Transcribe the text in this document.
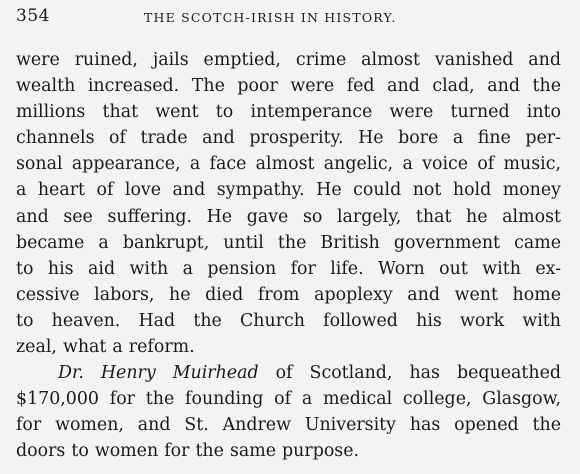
354	THE SCOTCH-IRISH IN HISTORY.
were ruined, jails emptied, crime almost vanished and
wealth increased. The poor were fed and clad, and the
millions that went to intemperance were turned into
channels of trade and prosperity. He bore a fine per-
sonal appearance, a face almost angelic, a voice of music,
a heart of love and sympathy. He could not hold money
and see suffering. He gave so largely, that he almost
became a bankrupt, until the British government came
to his aid with a pension for life. Worn out with ex-
cessive labors, he died from apoplexy and went home
to heaven. Had the Church followed his work with
zeal, what a reform.
Dr. Henry Muirhead of Scotland, has bequeathed
$170,000 for the founding of a medical college, Glasgow,
for women, and St. Andrew University has opened the
doors to women for the same purpose.
